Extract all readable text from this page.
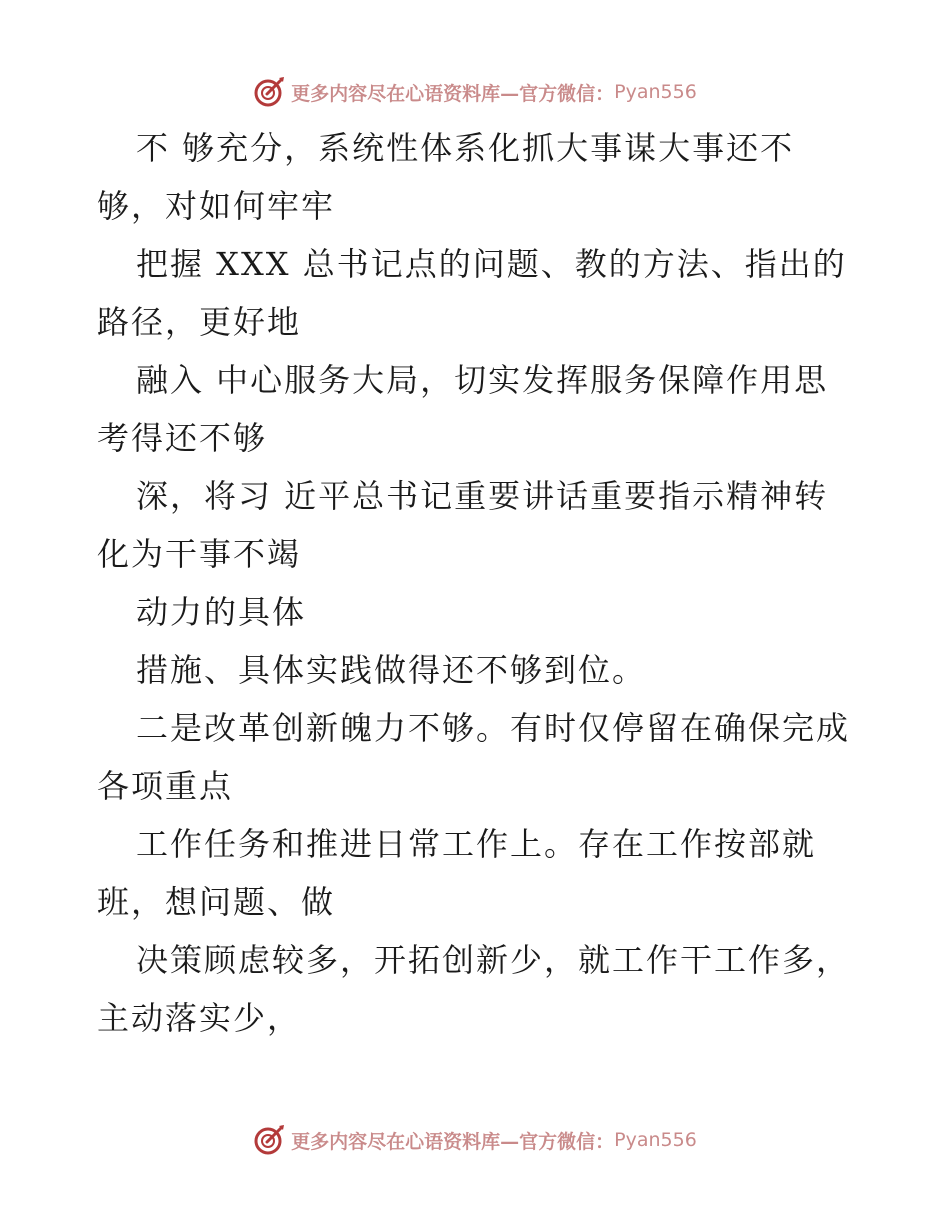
更多内容尽在心语资料库—官方微信： Pyan556
不 够充分，系统性体系化抓大事谋大事还不
够，对如何牢牢
把握 XXX 总书记点的问题、教的方法、指出的
路径，更好地
融入 中心服务大局，切实发挥服务保障作用思
考得还不够
深，将习 近平总书记重要讲话重要指示精神转
化为干事不竭
动力的具体
措施、具体实践做得还不够到位。
二是改革创新魄力不够。有时仅停留在确保完成
各项重点
工作任务和推进日常工作上。存在工作按部就
班，想问题、做
决策顾虑较多，开拓创新少，就工作干工作多，
主动落实少，
更多内容尽在心语资料库—官方微信： Pyan556
